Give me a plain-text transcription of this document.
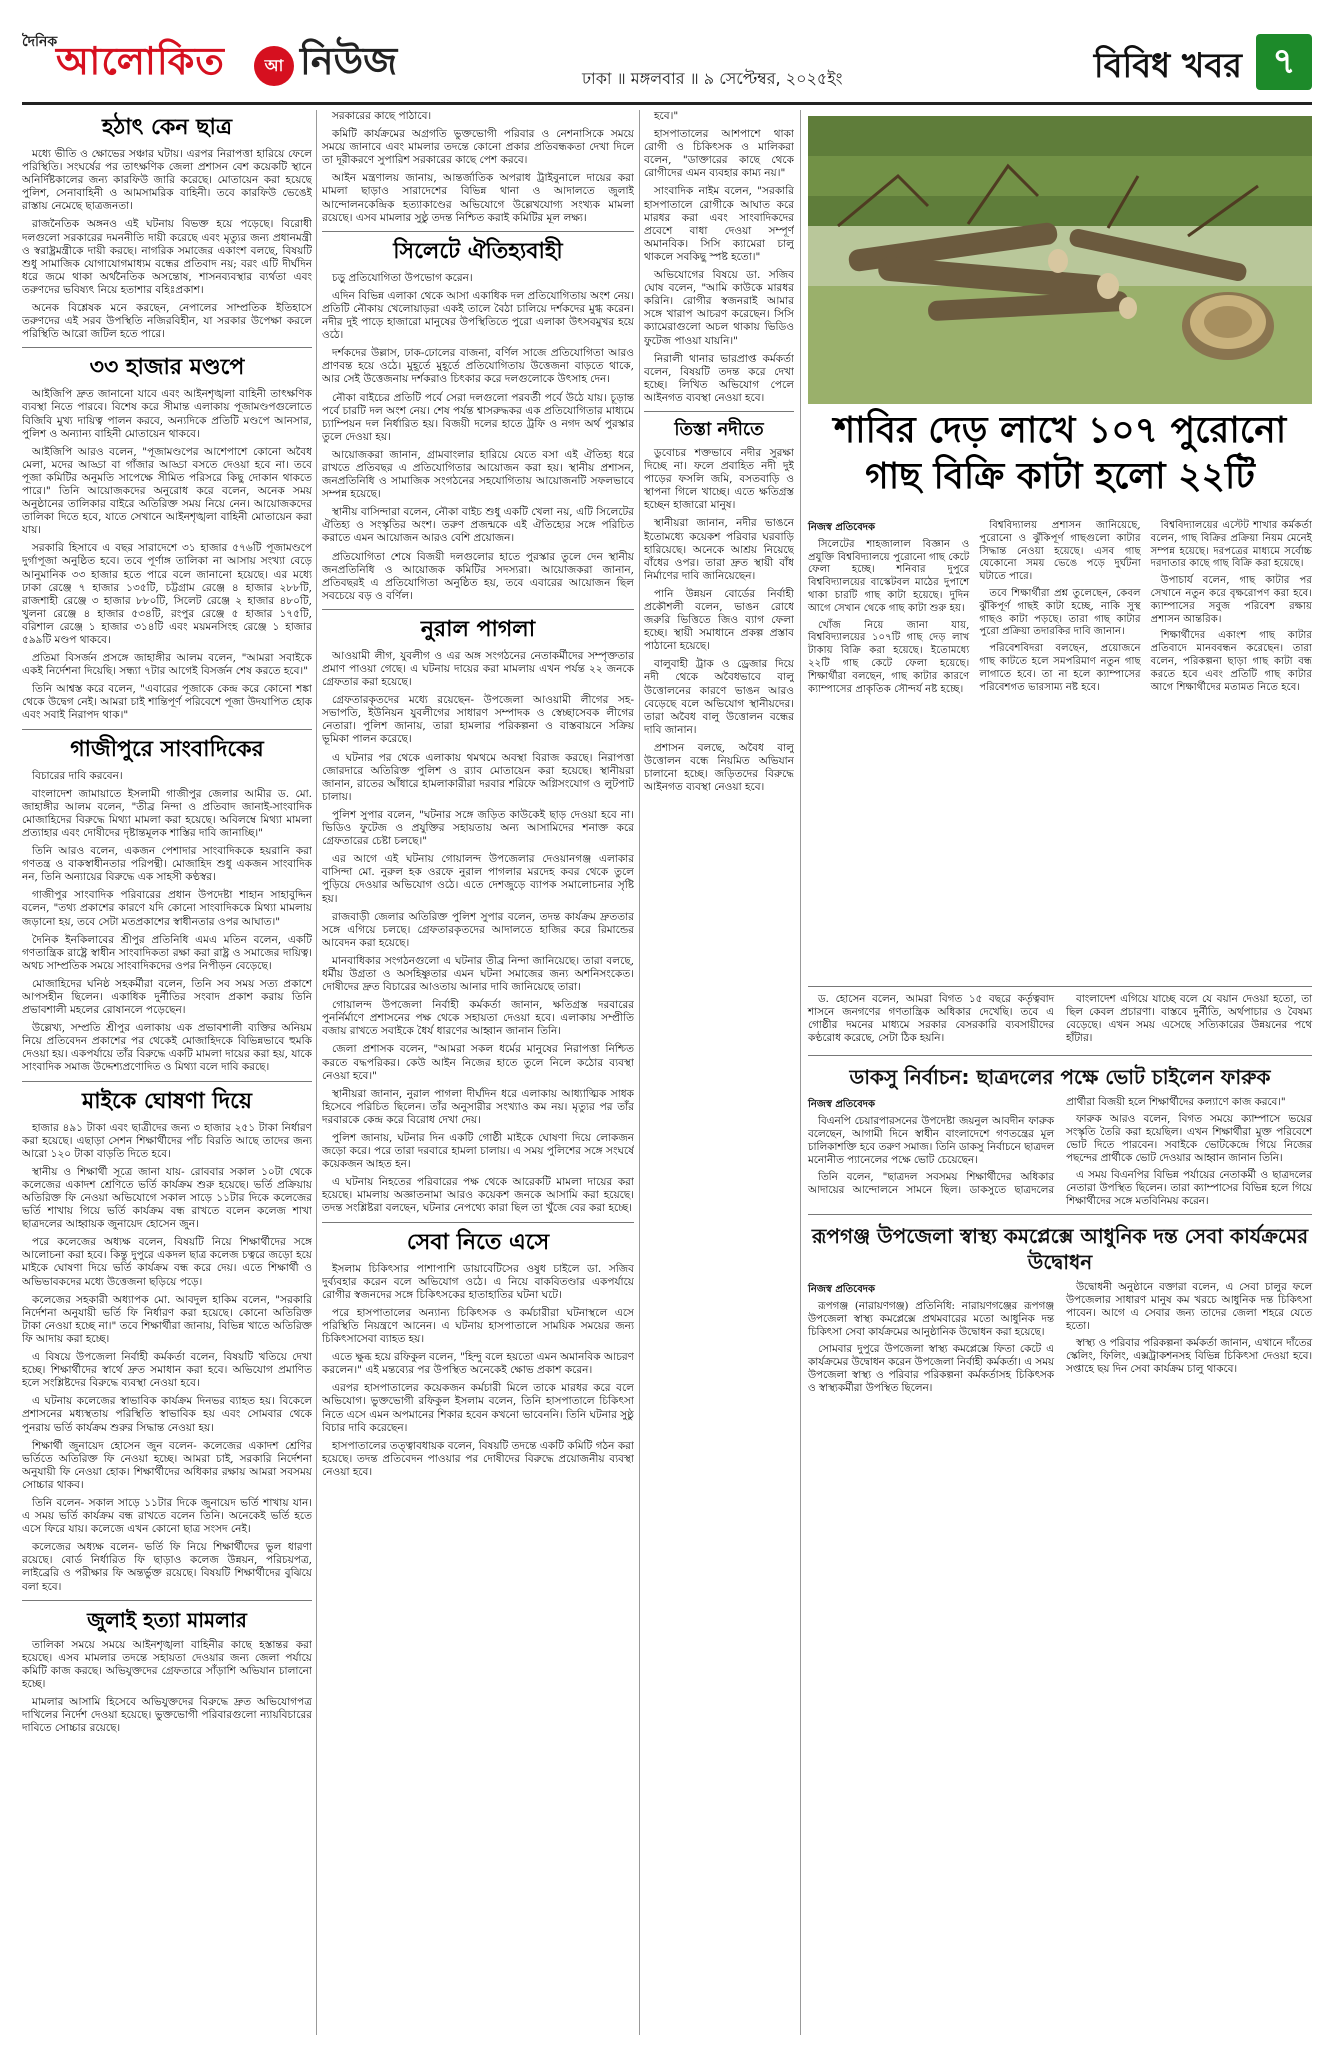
দৈনিক
আলোকিত	আ নিউজ	ঢাকা ॥ মঙ্গলবার ॥ ৯ সেপ্টেম্বর, ২০২৫ইং	বিবিধ খবর ৭
হঠাৎ কেন ছাত্র

মধ্যে ভীতি ও ক্ষোভের সঞ্চার ঘটায়। এরপর নিরাপত্তা হারিয়ে ফেলে পরিস্থিতি। সংঘর্ষের পর তাৎক্ষণিক জেলা প্রশাসন বেশ কয়েকটি স্থানে অনির্দিষ্টকালের জন্য কারফিউ জারি করেছে। মোতায়েন করা হয়েছে পুলিশ, সেনাবাহিনী ও আমসামরিক বাহিনী। তবে কারফিউ ভেঙেই রাস্তায় নেমেছে ছাত্রজনতা।

রাজনৈতিক অঙ্গনও এই ঘটনায় বিভক্ত হয়ে পড়েছে। বিরোধী দলগুলো সরকারের দমননীতি দায়ী করেছে এবং মৃত্যুর জন্য প্রধানমন্ত্রী ও স্বরাষ্ট্রমন্ত্রীকে দায়ী করছে। নাগরিক সমাজের একাংশ বলছে, বিষয়টি শুধু সামাজিক যোগাযোগমাধ্যম বন্ধের প্রতিবাদ নয়; বরং এটি দীর্ঘদিন ধরে জমে থাকা অর্থনৈতিক অসন্তোষ, শাসনব্যবস্থার ব্যর্থতা এবং তরুণদের ভবিষ্যৎ নিয়ে হতাশার বহিঃপ্রকাশ।

অনেক বিশ্লেষক মনে করছেন, নেপালের সাম্প্রতিক ইতিহাসে তরুণদের এই সরব উপস্থিতি নজিরবিহীন, যা সরকার উপেক্ষা করলে পরিস্থিতি আরো জটিল হতে পারে।

৩৩ হাজার মণ্ডপে

আইজিপি দ্রুত জানানো যাবে এবং আইনশৃঙ্খলা বাহিনী তাৎক্ষণিক ব্যবস্থা নিতে পারবে। বিশেষ করে সীমান্ত এলাকায় পূজামণ্ডপগুলোতে বিজিবি মুখ্য দায়িত্ব পালন করবে, অন্যদিকে প্রতিটি মণ্ডপে আনসার, পুলিশ ও অন্যান্য বাহিনী মোতায়েন থাকবে।

আইজিপি আরও বলেন, "পূজামণ্ডপের আশেপাশে কোনো অবৈধ মেলা, মদের আড্ডা বা গাঁজার আড্ডা বসতে দেওয়া হবে না। তবে পূজা কমিটির অনুমতি সাপেক্ষে সীমিত পরিসরে কিছু দোকান থাকতে পারে।" তিনি আয়োজকদের অনুরোধ করে বলেন, অনেক সময় অনুষ্ঠানের তালিকার বাইরে অতিরিক্ত সময় নিয়ে নেন। আয়োজকদের তালিকা দিতে হবে, যাতে সেখানে আইনশৃঙ্খলা বাহিনী মোতায়েন করা যায়।

সরকারি হিসাবে এ বছর সারাদেশে ৩১ হাজার ৫৭৬টি পূজামণ্ডপে দুর্গাপূজা অনুষ্ঠিত হবে। তবে পূর্ণাঙ্গ তালিকা না আসায় সংখ্যা বেড়ে আনুমানিক ৩৩ হাজার হতে পারে বলে জানানো হয়েছে। এর মধ্যে ঢাকা রেঞ্জে ৭ হাজার ১৩৫টি, চট্টগ্রাম রেঞ্জে ৪ হাজার ২৮৮টি, রাজশাহী রেঞ্জে ৩ হাজার ৮৮০টি, সিলেট রেঞ্জে ২ হাজার ৪৮০টি, খুলনা রেঞ্জে ৪ হাজার ৫৩৪টি, রংপুর রেঞ্জে ৫ হাজার ১৭৫টি, বরিশাল রেঞ্জে ১ হাজার ৩১৪টি এবং ময়মনসিংহ রেঞ্জে ১ হাজার ৫৯৯টি মণ্ডপ থাকবে।

প্রতিমা বিসর্জন প্রসঙ্গে জাহাঙ্গীর আলম বলেন, "আমরা সবাইকে একই নির্দেশনা দিয়েছি। সন্ধ্যা ৭টার আগেই বিসর্জন শেষ করতে হবে।"

তিনি আশ্বস্ত করে বলেন, "এবারের পূজাকে কেন্দ্র করে কোনো শঙ্কা থেকে উদ্বেগ নেই। আমরা চাই শান্তিপূর্ণ পরিবেশে পূজা উদযাপিত হোক এবং সবাই নিরাপদ থাক।"

গাজীপুরে সাংবাদিকের

বিচারের দাবি করবেন।

বাংলাদেশ জামায়াতে ইসলামী গাজীপুর জেলার আমীর ড. মো. জাহাঙ্গীর আলম বলেন, "তীব্র নিন্দা ও প্রতিবাদ জানাই-সাংবাদিক মোজাহিদের বিরুদ্ধে মিথ্যা মামলা করা হয়েছে। অবিলম্বে মিথ্যা মামলা প্রত্যাহার এবং দোষীদের দৃষ্টান্তমূলক শাস্তির দাবি জানাচ্ছি।"

তিনি আরও বলেন, একজন পেশাদার সাংবাদিককে হয়রানি করা গণতন্ত্র ও বাকস্বাধীনতার পরিপন্থী। মোজাহিদ শুধু একজন সাংবাদিক নন, তিনি অন্যায়ের বিরুদ্ধে এক সাহসী কণ্ঠস্বর।

গাজীপুর সাংবাদিক পরিবারের প্রধান উপদেষ্টা শাহান সাহাবুদ্দিন বলেন, "তথ্য প্রকাশের কারণে যদি কোনো সাংবাদিককে মিথ্যা মামলায় জড়ানো হয়, তবে সেটা মতপ্রকাশের স্বাধীনতার ওপর আঘাত।"

দৈনিক ইনকিলাবের শ্রীপুর প্রতিনিধি এমএ মতিন বলেন, একটি গণতান্ত্রিক রাষ্ট্রে স্বাধীন সাংবাদিকতা রক্ষা করা রাষ্ট্র ও সমাজের দায়িত্ব। অথচ সাম্প্রতিক সময়ে সাংবাদিকদের ওপর নিপীড়ন বেড়েছে।

মোজাহিদের ঘনিষ্ঠ সহকর্মীরা বলেন, তিনি সব সময় সত্য প্রকাশে আপসহীন ছিলেন। একাধিক দুর্নীতির সংবাদ প্রকাশ করায় তিনি প্রভাবশালী মহলের রোষানলে পড়েছেন।

উল্লেখ্য, সম্প্রতি শ্রীপুর এলাকায় এক প্রভাবশালী ব্যক্তির অনিয়ম নিয়ে প্রতিবেদন প্রকাশের পর থেকেই মোজাহিদকে বিভিন্নভাবে হুমকি দেওয়া হয়। একপর্যায়ে তাঁর বিরুদ্ধে একটি মামলা দায়ের করা হয়, যাকে সাংবাদিক সমাজ উদ্দেশ্যপ্রণোদিত ও মিথ্যা বলে দাবি করছে।

মাইকে ঘোষণা দিয়ে

হাজার ৪৯১ টাকা এবং ছাত্রীদের জন্য ৩ হাজার ২৫১ টাকা নির্ধারণ করা হয়েছে। এছাড়া সেশন শিক্ষার্থীদের পাঁচ বিরতি আছে তাদের জন্য আরো ১২০ টাকা বাড়তি দিতে হবে।

স্থানীয় ও শিক্ষার্থী সূত্রে জানা যায়- রোববার সকাল ১০টা থেকে কলেজের একাদশ শ্রেণিতে ভর্তি কার্যক্রম শুরু হয়েছে। ভর্তি প্রক্রিয়ায় অতিরিক্ত ফি নেওয়া অভিযোগে সকাল সাড়ে ১১টার দিকে কলেজের ভর্তি শাখায় গিয়ে ভর্তি কার্যক্রম বন্ধ রাখতে বলেন কলেজ শাখা ছাত্রদলের আহ্বায়ক জুনায়েদ হোসেন জুন।

পরে কলেজের অধ্যক্ষ বলেন, বিষয়টি নিয়ে শিক্ষার্থীদের সঙ্গে আলোচনা করা হবে। কিন্তু দুপুরে একদল ছাত্র কলেজ চত্বরে জড়ো হয়ে মাইকে ঘোষণা দিয়ে ভর্তি কার্যক্রম বন্ধ করে দেয়। এতে শিক্ষার্থী ও অভিভাবকদের মধ্যে উত্তেজনা ছড়িয়ে পড়ে।

কলেজের সহকারী অধ্যাপক মো. আবদুল হাকিম বলেন, "সরকারি নির্দেশনা অনুযায়ী ভর্তি ফি নির্ধারণ করা হয়েছে। কোনো অতিরিক্ত টাকা নেওয়া হচ্ছে না।" তবে শিক্ষার্থীরা জানায়, বিভিন্ন খাতে অতিরিক্ত ফি আদায় করা হচ্ছে।

এ বিষয়ে উপজেলা নির্বাহী কর্মকর্তা বলেন, বিষয়টি খতিয়ে দেখা হচ্ছে। শিক্ষার্থীদের স্বার্থে দ্রুত সমাধান করা হবে। অভিযোগ প্রমাণিত হলে সংশ্লিষ্টদের বিরুদ্ধে ব্যবস্থা নেওয়া হবে।

এ ঘটনায় কলেজের স্বাভাবিক কার্যক্রম দিনভর ব্যাহত হয়। বিকেলে প্রশাসনের মধ্যস্থতায় পরিস্থিতি স্বাভাবিক হয় এবং সোমবার থেকে পুনরায় ভর্তি কার্যক্রম শুরুর সিদ্ধান্ত নেওয়া হয়।

শিক্ষার্থী জুনায়েদ হোসেন জুন বলেন- কলেজের একাদশ শ্রেণির ভর্তিতে অতিরিক্ত ফি নেওয়া হচ্ছে। আমরা চাই, সরকারি নির্দেশনা অনুযায়ী ফি নেওয়া হোক। শিক্ষার্থীদের অধিকার রক্ষায় আমরা সবসময় সোচ্চার থাকব।

তিনি বলেন- সকাল সাড়ে ১১টার দিকে জুনায়েদ ভর্তি শাখায় যান। এ সময় ভর্তি কার্যক্রম বন্ধ রাখতে বলেন তিনি। অনেকেই ভর্তি হতে এসে ফিরে যায়। কলেজে এখন কোনো ছাত্র সংসদ নেই।

কলেজের অধ্যক্ষ বলেন- ভর্তি ফি নিয়ে শিক্ষার্থীদের ভুল ধারণা রয়েছে। বোর্ড নির্ধারিত ফি ছাড়াও কলেজ উন্নয়ন, পরিচয়পত্র, লাইব্রেরি ও পরীক্ষার ফি অন্তর্ভুক্ত রয়েছে। বিষয়টি শিক্ষার্থীদের বুঝিয়ে বলা হবে।

জুলাই হত্যা মামলার

তালিকা সময়ে সময়ে আইনশৃঙ্খলা বাহিনীর কাছে হস্তান্তর করা হয়েছে। এসব মামলার তদন্তে সহায়তা দেওয়ার জন্য জেলা পর্যায়ে কমিটি কাজ করছে। অভিযুক্তদের গ্রেফতারে সাঁড়াশি অভিযান চালানো হচ্ছে।

মামলার আসামি হিসেবে অভিযুক্তদের বিরুদ্ধে দ্রুত অভিযোগপত্র দাখিলের নির্দেশ দেওয়া হয়েছে। ভুক্তভোগী পরিবারগুলো ন্যায়বিচারের দাবিতে সোচ্চার রয়েছে।

সরকারের কাছে পাঠাবে।

কমিটি কার্যক্রমের অগ্রগতি ভুক্তভোগী পরিবার ও নেশনাসিকে সময়ে সময়ে জানাবে এবং মামলার তদন্তে কোনো প্রকার প্রতিবন্ধকতা দেখা দিলে তা দূরীকরণে সুপারিশ সরকারের কাছে পেশ করবে।

আইন মন্ত্রণালয় জানায়, আন্তর্জাতিক অপরাধ ট্রাইবুনালে দায়ের করা মামলা ছাড়াও সারাদেশের বিভিন্ন থানা ও আদালতে জুলাই আন্দোলনকেন্দ্রিক হত্যাকাণ্ডের অভিযোগে উল্লেখযোগ্য সংখ্যক মামলা রয়েছে। এসব মামলার সুষ্ঠু তদন্ত নিশ্চিত করাই কমিটির মূল লক্ষ্য।

সিলেটে ঐতিহ্যবাহী

চড়ু প্রতিযোগিতা উপভোগ করেন।

এদিন বিভিন্ন এলাকা থেকে আসা একাধিক দল প্রতিযোগিতায় অংশ নেয়। প্রতিটি নৌকায় খেলোয়াড়রা একই তালে বৈঠা চালিয়ে দর্শকদের মুগ্ধ করেন। নদীর দুই পাড়ে হাজারো মানুষের উপস্থিতিতে পুরো এলাকা উৎসবমুখর হয়ে ওঠে।

দর্শকদের উল্লাস, ঢাক-ঢোলের বাজনা, বর্ণিল সাজে প্রতিযোগিতা আরও প্রাণবন্ত হয়ে ওঠে। মুহূর্তে মুহূর্তে প্রতিযোগিতায় উত্তেজনা বাড়তে থাকে, আর সেই উত্তেজনায় দর্শকরাও চিৎকার করে দলগুলোকে উৎসাহ দেন।

নৌকা বাইচের প্রতিটি পর্বে সেরা দলগুলো পরবর্তী পর্বে উঠে যায়। চূড়ান্ত পর্বে চারটি দল অংশ নেয়। শেষ পর্যন্ত শ্বাসরুদ্ধকর এক প্রতিযোগিতার মাধ্যমে চ্যাম্পিয়ন দল নির্ধারিত হয়। বিজয়ী দলের হাতে ট্রফি ও নগদ অর্থ পুরস্কার তুলে দেওয়া হয়।

আয়োজকরা জানান, গ্রামবাংলার হারিয়ে যেতে বসা এই ঐতিহ্য ধরে রাখতে প্রতিবছর এ প্রতিযোগিতার আয়োজন করা হয়। স্থানীয় প্রশাসন, জনপ্রতিনিধি ও সামাজিক সংগঠনের সহযোগিতায় আয়োজনটি সফলভাবে সম্পন্ন হয়েছে।

স্থানীয় বাসিন্দারা বলেন, নৌকা বাইচ শুধু একটি খেলা নয়, এটি সিলেটের ঐতিহ্য ও সংস্কৃতির অংশ। তরুণ প্রজন্মকে এই ঐতিহ্যের সঙ্গে পরিচিত করাতে এমন আয়োজন আরও বেশি প্রয়োজন।

প্রতিযোগিতা শেষে বিজয়ী দলগুলোর হাতে পুরস্কার তুলে দেন স্থানীয় জনপ্রতিনিধি ও আয়োজক কমিটির সদস্যরা। আয়োজকরা জানান, প্রতিবছরই এ প্রতিযোগিতা অনুষ্ঠিত হয়, তবে এবারের আয়োজন ছিল সবচেয়ে বড় ও বর্ণিল।

নুরাল পাগলা

আওয়ামী লীগ, যুবলীগ ও এর অঙ্গ সংগঠনের নেতাকর্মীদের সম্পৃক্ততার প্রমাণ পাওয়া গেছে। এ ঘটনায় দায়ের করা মামলায় এখন পর্যন্ত ২২ জনকে গ্রেফতার করা হয়েছে।

গ্রেফতারকৃতদের মধ্যে রয়েছেন- উপজেলা আওয়ামী লীগের সহ-সভাপতি, ইউনিয়ন যুবলীগের সাধারণ সম্পাদক ও স্বেচ্ছাসেবক লীগের নেতারা। পুলিশ জানায়, তারা হামলার পরিকল্পনা ও বাস্তবায়নে সক্রিয় ভূমিকা পালন করেছে।

এ ঘটনার পর থেকে এলাকায় থমথমে অবস্থা বিরাজ করছে। নিরাপত্তা জোরদারে অতিরিক্ত পুলিশ ও র‌্যাব মোতায়েন করা হয়েছে। স্থানীয়রা জানান, রাতের আঁধারে হামলাকারীরা দরবার শরিফে অগ্নিসংযোগ ও লুটপাট চালায়।

পুলিশ সুপার বলেন, "ঘটনার সঙ্গে জড়িত কাউকেই ছাড় দেওয়া হবে না। ভিডিও ফুটেজ ও প্রযুক্তির সহায়তায় অন্য আসামিদের শনাক্ত করে গ্রেফতারের চেষ্টা চলছে।"

এর আগে এই ঘটনায় গোয়ালন্দ উপজেলার দেওয়ানগঞ্জ এলাকার বাসিন্দা মো. নুরুল হক ওরফে নুরাল পাগলার মরদেহ কবর থেকে তুলে পুড়িয়ে দেওয়ার অভিযোগ ওঠে। এতে দেশজুড়ে ব্যাপক সমালোচনার সৃষ্টি হয়।

রাজবাড়ী জেলার অতিরিক্ত পুলিশ সুপার বলেন, তদন্ত কার্যক্রম দ্রুততার সঙ্গে এগিয়ে চলছে। গ্রেফতারকৃতদের আদালতে হাজির করে রিমান্ডের আবেদন করা হয়েছে।

মানবাধিকার সংগঠনগুলো এ ঘটনার তীব্র নিন্দা জানিয়েছে। তারা বলছে, ধর্মীয় উগ্রতা ও অসহিষ্ণুতার এমন ঘটনা সমাজের জন্য অশনিসংকেত। দোষীদের দ্রুত বিচারের আওতায় আনার দাবি জানিয়েছে তারা।

গোয়ালন্দ উপজেলা নির্বাহী কর্মকর্তা জানান, ক্ষতিগ্রস্ত দরবারের পুনর্নির্মাণে প্রশাসনের পক্ষ থেকে সহায়তা দেওয়া হবে। এলাকায় সম্প্রীতি বজায় রাখতে সবাইকে ধৈর্য ধারণের আহ্বান জানান তিনি।

জেলা প্রশাসক বলেন, "আমরা সকল ধর্মের মানুষের নিরাপত্তা নিশ্চিত করতে বদ্ধপরিকর। কেউ আইন নিজের হাতে তুলে নিলে কঠোর ব্যবস্থা নেওয়া হবে।"

স্থানীয়রা জানান, নুরাল পাগলা দীর্ঘদিন ধরে এলাকায় আধ্যাত্মিক সাধক হিসেবে পরিচিত ছিলেন। তাঁর অনুসারীর সংখ্যাও কম নয়। মৃত্যুর পর তাঁর দরবারকে কেন্দ্র করে বিরোধ দেখা দেয়।

পুলিশ জানায়, ঘটনার দিন একটি গোষ্ঠী মাইকে ঘোষণা দিয়ে লোকজন জড়ো করে। পরে তারা দরবারে হামলা চালায়। এ সময় পুলিশের সঙ্গে সংঘর্ষে কয়েকজন আহত হন।

এ ঘটনায় নিহতের পরিবারের পক্ষ থেকে আরেকটি মামলা দায়ের করা হয়েছে। মামলায় অজ্ঞাতনামা আরও কয়েকশ জনকে আসামি করা হয়েছে। তদন্ত সংশ্লিষ্টরা বলছেন, ঘটনার নেপথ্যে কারা ছিল তা খুঁজে বের করা হচ্ছে।

সেবা নিতে এসে

ইসলাম চিকিৎসার পাশাপাশি ডায়াবেটিসের ওষুধ চাইলে ডা. সজিব দুর্ব্যবহার করেন বলে অভিযোগ ওঠে। এ নিয়ে বাকবিতণ্ডার একপর্যায়ে রোগীর স্বজনদের সঙ্গে চিকিৎসকের হাতাহাতির ঘটনা ঘটে।

পরে হাসপাতালের অন্যান্য চিকিৎসক ও কর্মচারীরা ঘটনাস্থলে এসে পরিস্থিতি নিয়ন্ত্রণে আনেন। এ ঘটনায় হাসপাতালে সাময়িক সময়ের জন্য চিকিৎসাসেবা ব্যাহত হয়।

এতে ক্ষুব্ধ হয়ে রফিকুল বলেন, "হিন্দু বলে হয়তো এমন অমানবিক আচরণ করলেন।" এই মন্তব্যের পর উপস্থিত অনেকেই ক্ষোভ প্রকাশ করেন।

এরপর হাসপাতালের কয়েকজন কর্মচারী মিলে তাকে মারধর করে বলে অভিযোগ। ভুক্তভোগী রফিকুল ইসলাম বলেন, তিনি হাসপাতালে চিকিৎসা নিতে এসে এমন অপমানের শিকার হবেন কখনো ভাবেননি। তিনি ঘটনার সুষ্ঠু বিচার দাবি করেছেন।

হাসপাতালের তত্ত্বাবধায়ক বলেন, বিষয়টি তদন্তে একটি কমিটি গঠন করা হয়েছে। তদন্ত প্রতিবেদন পাওয়ার পর দোষীদের বিরুদ্ধে প্রয়োজনীয় ব্যবস্থা নেওয়া হবে।

হবে।"

হাসপাতালের আশপাশে থাকা রোগী ও চিকিৎসক ও মালিকরা বলেন, "ডাক্তারের কাছে থেকে রোগীদের এমন ব্যবহার কাম্য নয়।"

সাংবাদিক নাইম বলেন, "সরকারি হাসপাতালে রোগীকে আঘাত করে মারধর করা এবং সাংবাদিকদের প্রবেশে বাধা দেওয়া সম্পূর্ণ অমানবিক। সিসি ক্যামেরা চালু থাকলে সবকিছু স্পষ্ট হতো।"

অভিযোগের বিষয়ে ডা. সজিব ঘোষ বলেন, "আমি কাউকে মারধর করিনি। রোগীর স্বজনরাই আমার সঙ্গে খারাপ আচরণ করেছেন। সিসি ক্যামেরাগুলো অচল থাকায় ভিডিও ফুটেজ পাওয়া যায়নি।"

নিরালী থানার ভারপ্রাপ্ত কর্মকর্তা বলেন, বিষয়টি তদন্ত করে দেখা হচ্ছে। লিখিত অভিযোগ পেলে আইনগত ব্যবস্থা নেওয়া হবে।

তিস্তা নদীতে

ডুবোচর শক্তভাবে নদীর সুরক্ষা দিচ্ছে না। ফলে প্রবাহিত নদী দুই পাড়ের ফসলি জমি, বসতবাড়ি ও স্থাপনা গিলে খাচ্ছে। এতে ক্ষতিগ্রস্ত হচ্ছেন হাজারো মানুষ।

স্থানীয়রা জানান, নদীর ভাঙনে ইতোমধ্যে কয়েকশ পরিবার ঘরবাড়ি হারিয়েছে। অনেকে আশ্রয় নিয়েছে বাঁধের ওপর। তারা দ্রুত স্থায়ী বাঁধ নির্মাণের দাবি জানিয়েছেন।

পানি উন্নয়ন বোর্ডের নির্বাহী প্রকৌশলী বলেন, ভাঙন রোধে জরুরি ভিত্তিতে জিও ব্যাগ ফেলা হচ্ছে। স্থায়ী সমাধানে প্রকল্প প্রস্তাব পাঠানো হয়েছে।

বালুবাহী ট্রাক ও ড্রেজার দিয়ে নদী থেকে অবৈধভাবে বালু উত্তোলনের কারণে ভাঙন আরও বেড়েছে বলে অভিযোগ স্থানীয়দের। তারা অবৈধ বালু উত্তোলন বন্ধের দাবি জানান।

প্রশাসন বলছে, অবৈধ বালু উত্তোলন বন্ধে নিয়মিত অভিযান চালানো হচ্ছে। জড়িতদের বিরুদ্ধে আইনগত ব্যবস্থা নেওয়া হবে।

শাবির দেড় লাখে ১০৭ পুরোনো গাছ বিক্রি কাটা হলো ২২টি
নিজস্ব প্রতিবেদক

সিলেটের শাহজালাল বিজ্ঞান ও প্রযুক্তি বিশ্ববিদ্যালয়ে পুরোনো গাছ কেটে ফেলা হচ্ছে। শনিবার দুপুরে বিশ্ববিদ্যালয়ের বাস্কেটবল মাঠের দুপাশে থাকা চারটি গাছ কাটা হয়েছে। দুদিন আগে সেখান থেকে গাছ কাটা শুরু হয়।

খোঁজ নিয়ে জানা যায়, বিশ্ববিদ্যালয়ের ১০৭টি গাছ দেড় লাখ টাকায় বিক্রি করা হয়েছে। ইতোমধ্যে ২২টি গাছ কেটে ফেলা হয়েছে। শিক্ষার্থীরা বলছেন, গাছ কাটার কারণে ক্যাম্পাসের প্রাকৃতিক সৌন্দর্য নষ্ট হচ্ছে।

বিশ্ববিদ্যালয় প্রশাসন জানিয়েছে, পুরোনো ও ঝুঁকিপূর্ণ গাছগুলো কাটার সিদ্ধান্ত নেওয়া হয়েছে। এসব গাছ যেকোনো সময় ভেঙে পড়ে দুর্ঘটনা ঘটাতে পারে।

তবে শিক্ষার্থীরা প্রশ্ন তুলেছেন, কেবল ঝুঁকিপূর্ণ গাছই কাটা হচ্ছে, নাকি সুস্থ গাছও কাটা পড়ছে। তারা গাছ কাটার পুরো প্রক্রিয়া তদারকির দাবি জানান।

পরিবেশবিদরা বলছেন, প্রয়োজনে গাছ কাটতে হলে সমপরিমাণ নতুন গাছ লাগাতে হবে। তা না হলে ক্যাম্পাসের পরিবেশগত ভারসাম্য নষ্ট হবে।

বিশ্ববিদ্যালয়ের এস্টেট শাখার কর্মকর্তা বলেন, গাছ বিক্রির প্রক্রিয়া নিয়ম মেনেই সম্পন্ন হয়েছে। দরপত্রের মাধ্যমে সর্বোচ্চ দরদাতার কাছে গাছ বিক্রি করা হয়েছে।

উপাচার্য বলেন, গাছ কাটার পর সেখানে নতুন করে বৃক্ষরোপণ করা হবে। ক্যাম্পাসের সবুজ পরিবেশ রক্ষায় প্রশাসন আন্তরিক।

শিক্ষার্থীদের একাংশ গাছ কাটার প্রতিবাদে মানববন্ধন করেছেন। তারা বলেন, পরিকল্পনা ছাড়া গাছ কাটা বন্ধ করতে হবে এবং প্রতিটি গাছ কাটার আগে শিক্ষার্থীদের মতামত নিতে হবে।

ড. হোসেন বলেন, আমরা বিগত ১৫ বছরে কর্তৃত্ববাদ শাসনে জনগণের গণতান্ত্রিক অধিকার দেখেছি। তবে এ গোষ্ঠীর দমনের মাধ্যমে সরকার বেসরকারি ব্যবসায়ীদের কণ্ঠরোধ করেছে, সেটা ঠিক হয়নি।

বাংলাদেশ এগিয়ে যাচ্ছে বলে যে বয়ান দেওয়া হতো, তা ছিল কেবল প্রচারণা। বাস্তবে দুর্নীতি, অর্থপাচার ও বৈষম্য বেড়েছে। এখন সময় এসেছে সত্যিকারের উন্নয়নের পথে হাঁটার।

ডাকসু নির্বাচন: ছাত্রদলের পক্ষে ভোট চাইলেন ফারুক
নিজস্ব প্রতিবেদক

বিএনপি চেয়ারপারসনের উপদেষ্টা জয়নুল আবদীন ফারুক বলেছেন, আগামী দিনে স্বাধীন বাংলাদেশে গণতন্ত্রের মূল চালিকাশক্তি হবে তরুণ সমাজ। তিনি ডাকসু নির্বাচনে ছাত্রদল মনোনীত প্যানেলের পক্ষে ভোট চেয়েছেন।

তিনি বলেন, "ছাত্রদল সবসময় শিক্ষার্থীদের অধিকার আদায়ের আন্দোলনে সামনে ছিল। ডাকসুতে ছাত্রদলের প্রার্থীরা বিজয়ী হলে শিক্ষার্থীদের কল্যাণে কাজ করবে।"

ফারুক আরও বলেন, বিগত সময়ে ক্যাম্পাসে ভয়ের সংস্কৃতি তৈরি করা হয়েছিল। এখন শিক্ষার্থীরা মুক্ত পরিবেশে ভোট দিতে পারবেন। সবাইকে ভোটকেন্দ্রে গিয়ে নিজের পছন্দের প্রার্থীকে ভোট দেওয়ার আহ্বান জানান তিনি।

এ সময় বিএনপির বিভিন্ন পর্যায়ের নেতাকর্মী ও ছাত্রদলের নেতারা উপস্থিত ছিলেন। তারা ক্যাম্পাসের বিভিন্ন হলে গিয়ে শিক্ষার্থীদের সঙ্গে মতবিনিময় করেন।

রূপগঞ্জ উপজেলা স্বাস্থ্য কমপ্লেক্সে আধুনিক দন্ত সেবা কার্যক্রমের উদ্বোধন
নিজস্ব প্রতিবেদক

রূপগঞ্জ (নারায়ণগঞ্জ) প্রতিনিধি: নারায়ণগঞ্জের রূপগঞ্জ উপজেলা স্বাস্থ্য কমপ্লেক্সে প্রথমবারের মতো আধুনিক দন্ত চিকিৎসা সেবা কার্যক্রমের আনুষ্ঠানিক উদ্বোধন করা হয়েছে।

সোমবার দুপুরে উপজেলা স্বাস্থ্য কমপ্লেক্সে ফিতা কেটে এ কার্যক্রমের উদ্বোধন করেন উপজেলা নির্বাহী কর্মকর্তা। এ সময় উপজেলা স্বাস্থ্য ও পরিবার পরিকল্পনা কর্মকর্তাসহ চিকিৎসক ও স্বাস্থ্যকর্মীরা উপস্থিত ছিলেন।

উদ্বোধনী অনুষ্ঠানে বক্তারা বলেন, এ সেবা চালুর ফলে উপজেলার সাধারণ মানুষ কম খরচে আধুনিক দন্ত চিকিৎসা পাবেন। আগে এ সেবার জন্য তাদের জেলা শহরে যেতে হতো।

স্বাস্থ্য ও পরিবার পরিকল্পনা কর্মকর্তা জানান, এখানে দাঁতের স্কেলিং, ফিলিং, এক্সট্রাকশনসহ বিভিন্ন চিকিৎসা দেওয়া হবে। সপ্তাহে ছয় দিন সেবা কার্যক্রম চালু থাকবে।
